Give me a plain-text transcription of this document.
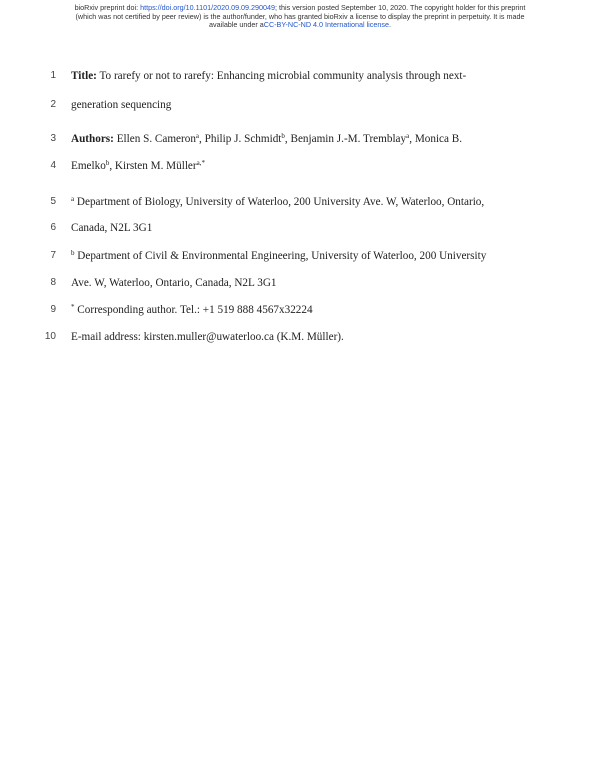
bioRxiv preprint doi: https://doi.org/10.1101/2020.09.09.290049; this version posted September 10, 2020. The copyright holder for this preprint
(which was not certified by peer review) is the author/funder, who has granted bioRxiv a license to display the preprint in perpetuity. It is made
available under aCC-BY-NC-ND 4.0 International license.
1 Title: To rarefy or not to rarefy: Enhancing microbial community analysis through next-
2 generation sequencing
3 Authors: Ellen S. Cameron$^a$, Philip J. Schmidt$^b$, Benjamin J.-M. Tremblay$^a$, Monica B.
4 Emelko$^b$, Kirsten M. Müller$^{a,*}$
5 $^a$ Department of Biology, University of Waterloo, 200 University Ave. W, Waterloo, Ontario,
6 Canada, N2L 3G1
7 $^b$ Department of Civil & Environmental Engineering, University of Waterloo, 200 University
8 Ave. W, Waterloo, Ontario, Canada, N2L 3G1
9 * Corresponding author. Tel.: +1 519 888 4567x32224
10 E-mail address: kirsten.muller@uwaterloo.ca (K.M. Müller).
